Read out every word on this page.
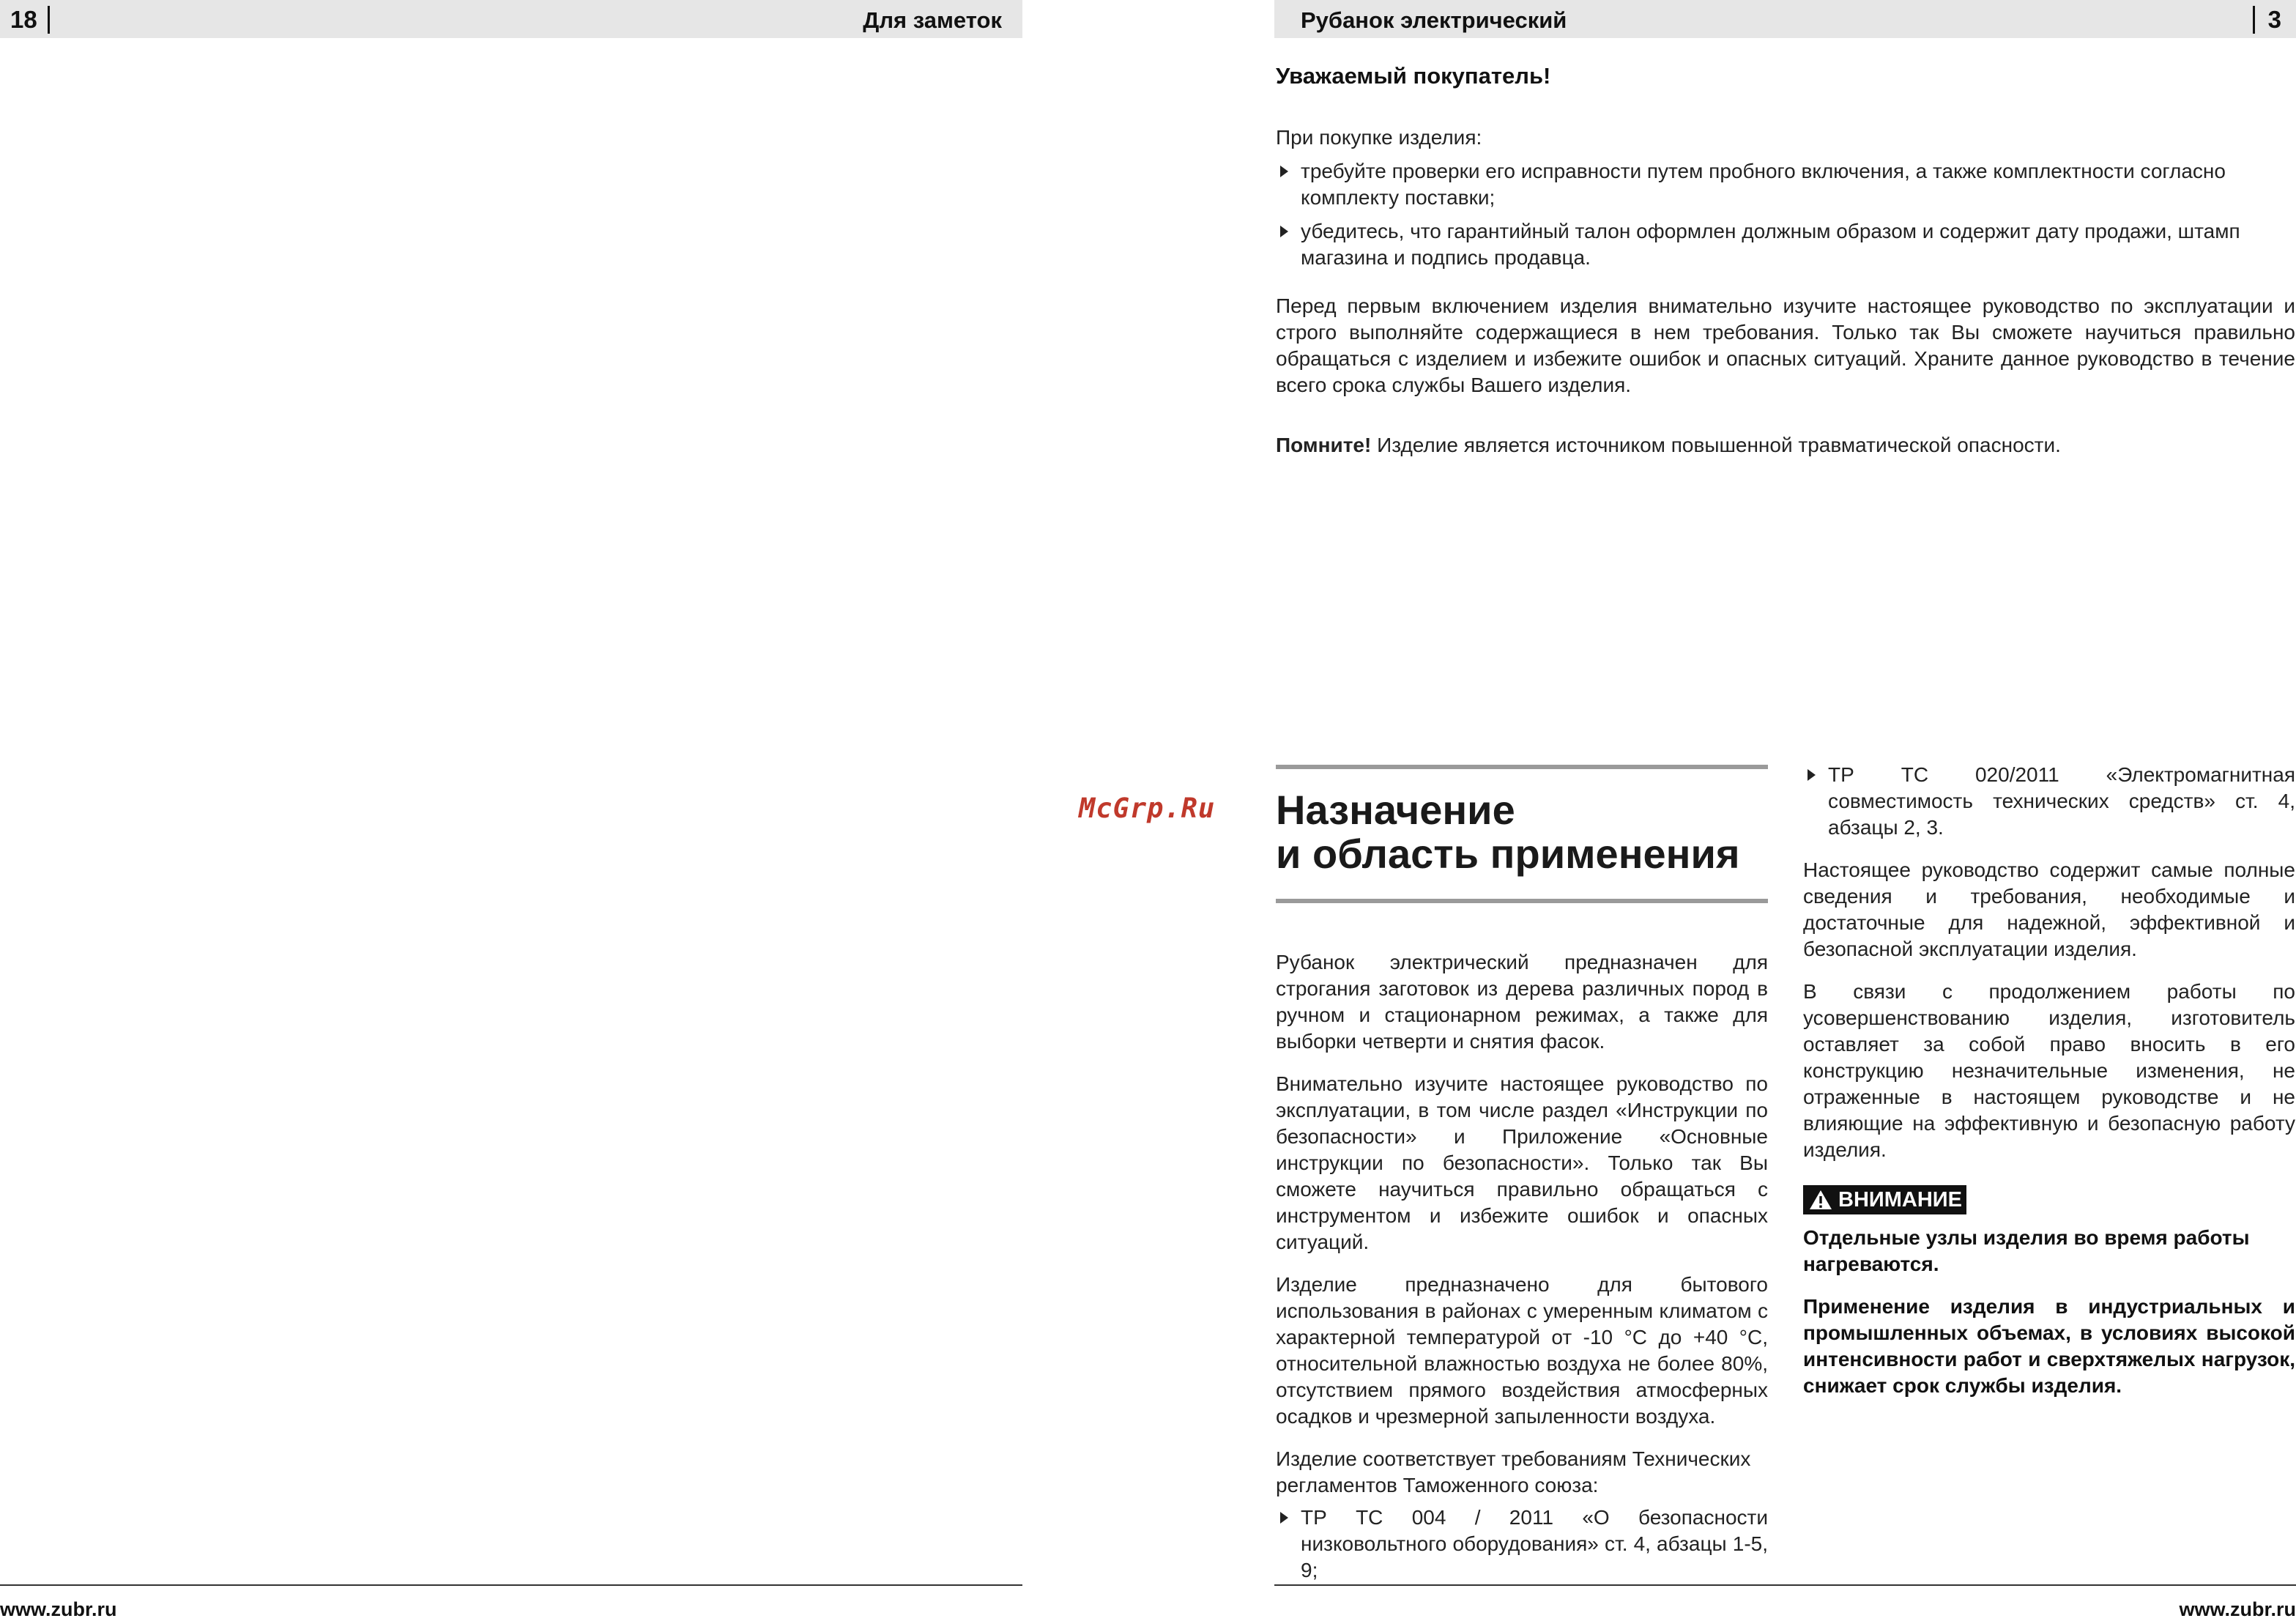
18	Для заметок
www.zubr.ru
McGrp.Ru
Рубанок электрический	3
Уважаемый покупатель!
При покупке изделия:
требуйте проверки его исправности путем пробного включения, а также комплектности согласно комплекту поставки;
убедитесь, что гарантийный талон оформлен должным образом и содержит дату продажи, штамп магазина и подпись продавца.

Перед первым включением изделия внимательно изучите настоящее руководство по эксплуатации и строго выполняйте содержащиеся в нем требования. Только так Вы сможете научиться правильно обращаться с изделием и избежите ошибок и опасных ситуаций. Храните данное руководство в течение всего срока службы Вашего изделия.

Помните! Изделие является источником повышенной травматической опасности.

Назначение
и область применения

Рубанок электрический предназначен для строгания заготовок из дерева различных пород в ручном и стационарном режимах, а также для выборки четверти и снятия фасок.

Внимательно изучите настоящее руководство по эксплуатации, в том числе раздел «Инструкции по безопасности» и Приложение «Основные инструкции по безопасности». Только так Вы сможете научиться правильно обращаться с инструментом и избежите ошибок и опасных ситуаций.

Изделие предназначено для бытового использования в районах с умеренным климатом с характерной температурой от -10 °С до +40 °С, относительной влажностью воздуха не более 80%, отсутствием прямого воздействия атмосферных осадков и чрезмерной запыленности воздуха.

Изделие соответствует требованиям Технических регламентов Таможенного союза:

ТР ТС 004 / 2011 «О безопасности низковольтного оборудования» ст. 4, абзацы 1-5, 9;
ТР ТС 020/2011 «Электромагнитная совместимость технических средств» ст. 4, абзацы 2, 3.

Настоящее руководство содержит самые полные сведения и требования, необходимые и достаточные для надежной, эффективной и безопасной эксплуатации изделия.

В связи с продолжением работы по усовершенствованию изделия, изготовитель оставляет за собой право вносить в его конструкцию незначительные изменения, не отраженные в настоящем руководстве и не влияющие на эффективную и безопасную работу изделия.

ВНИМАНИЕ

Отдельные узлы изделия во время работы нагреваются.

Применение изделия в индустриальных и промышленных объемах, в условиях высокой интенсивности работ и сверхтяжелых нагрузок, снижает срок службы изделия.

www.zubr.ru
